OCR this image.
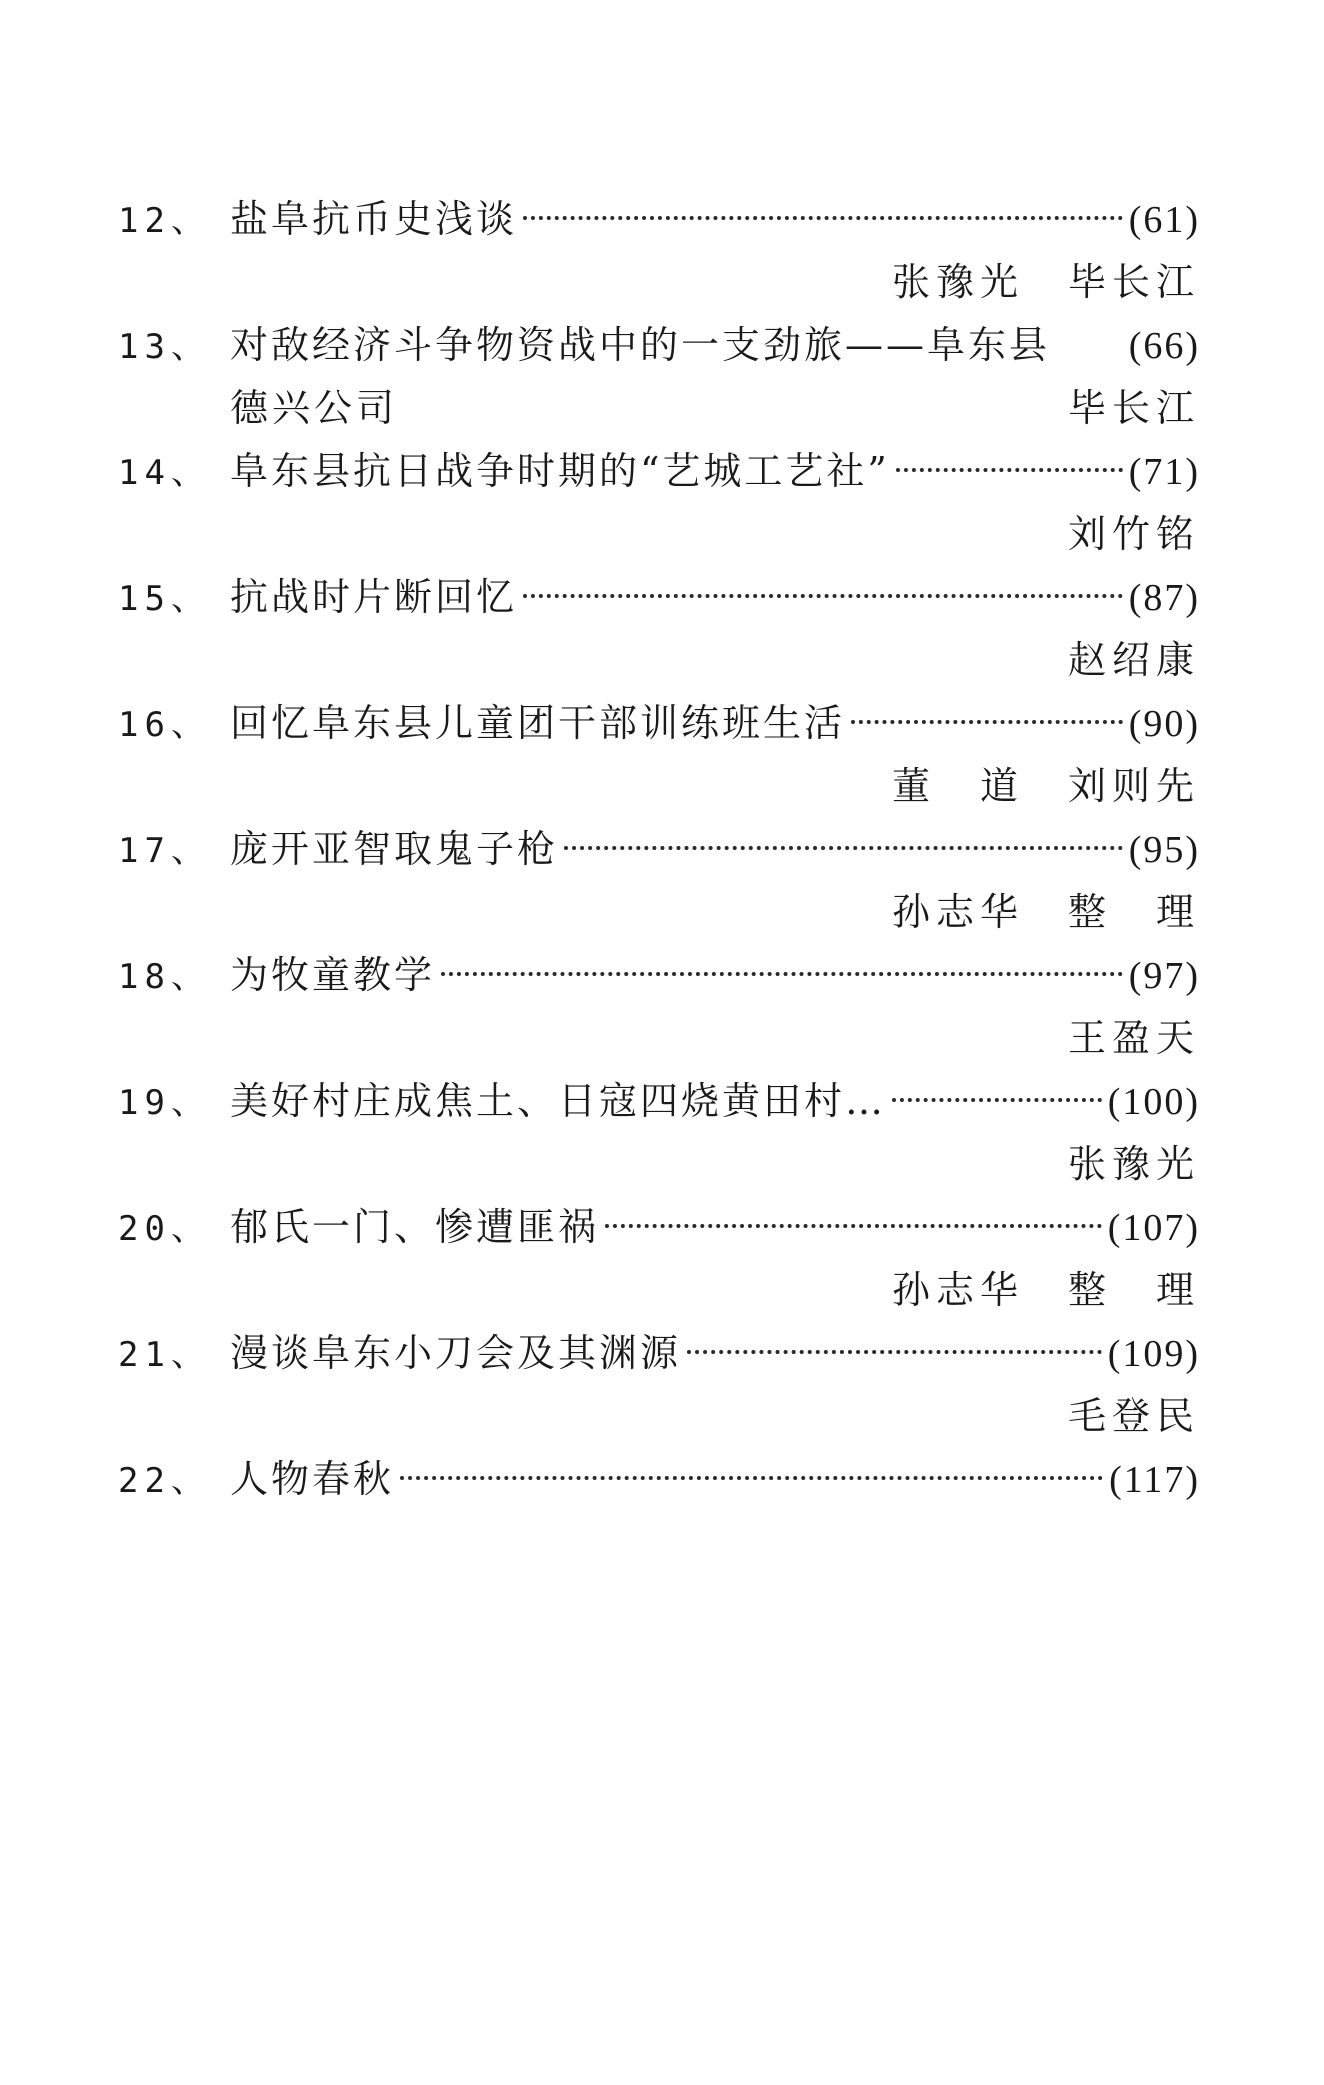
12、 盐阜抗币史浅谈	(61)
张豫光　毕长江
13、 对敌经济斗争物资战中的一支劲旅——阜东县 (66)
德兴公司	毕长江
14、 阜东县抗日战争时期的“艺城工艺社”	(71)
刘竹铭
15、 抗战时片断回忆	(87)
赵绍康
16、 回忆阜东县儿童团干部训练班生活	(90)
董　道　刘则先
17、 庞开亚智取鬼子枪	(95)
孙志华　整　理
18、 为牧童教学	(97)
王盈天
19、 美好村庄成焦土、日寇四烧黄田村…	(100)
张豫光
20、 郁氏一门、惨遭匪祸	(107)
孙志华　整　理
21、 漫谈阜东小刀会及其渊源	(109)
毛登民
22、 人物春秋	(117)
